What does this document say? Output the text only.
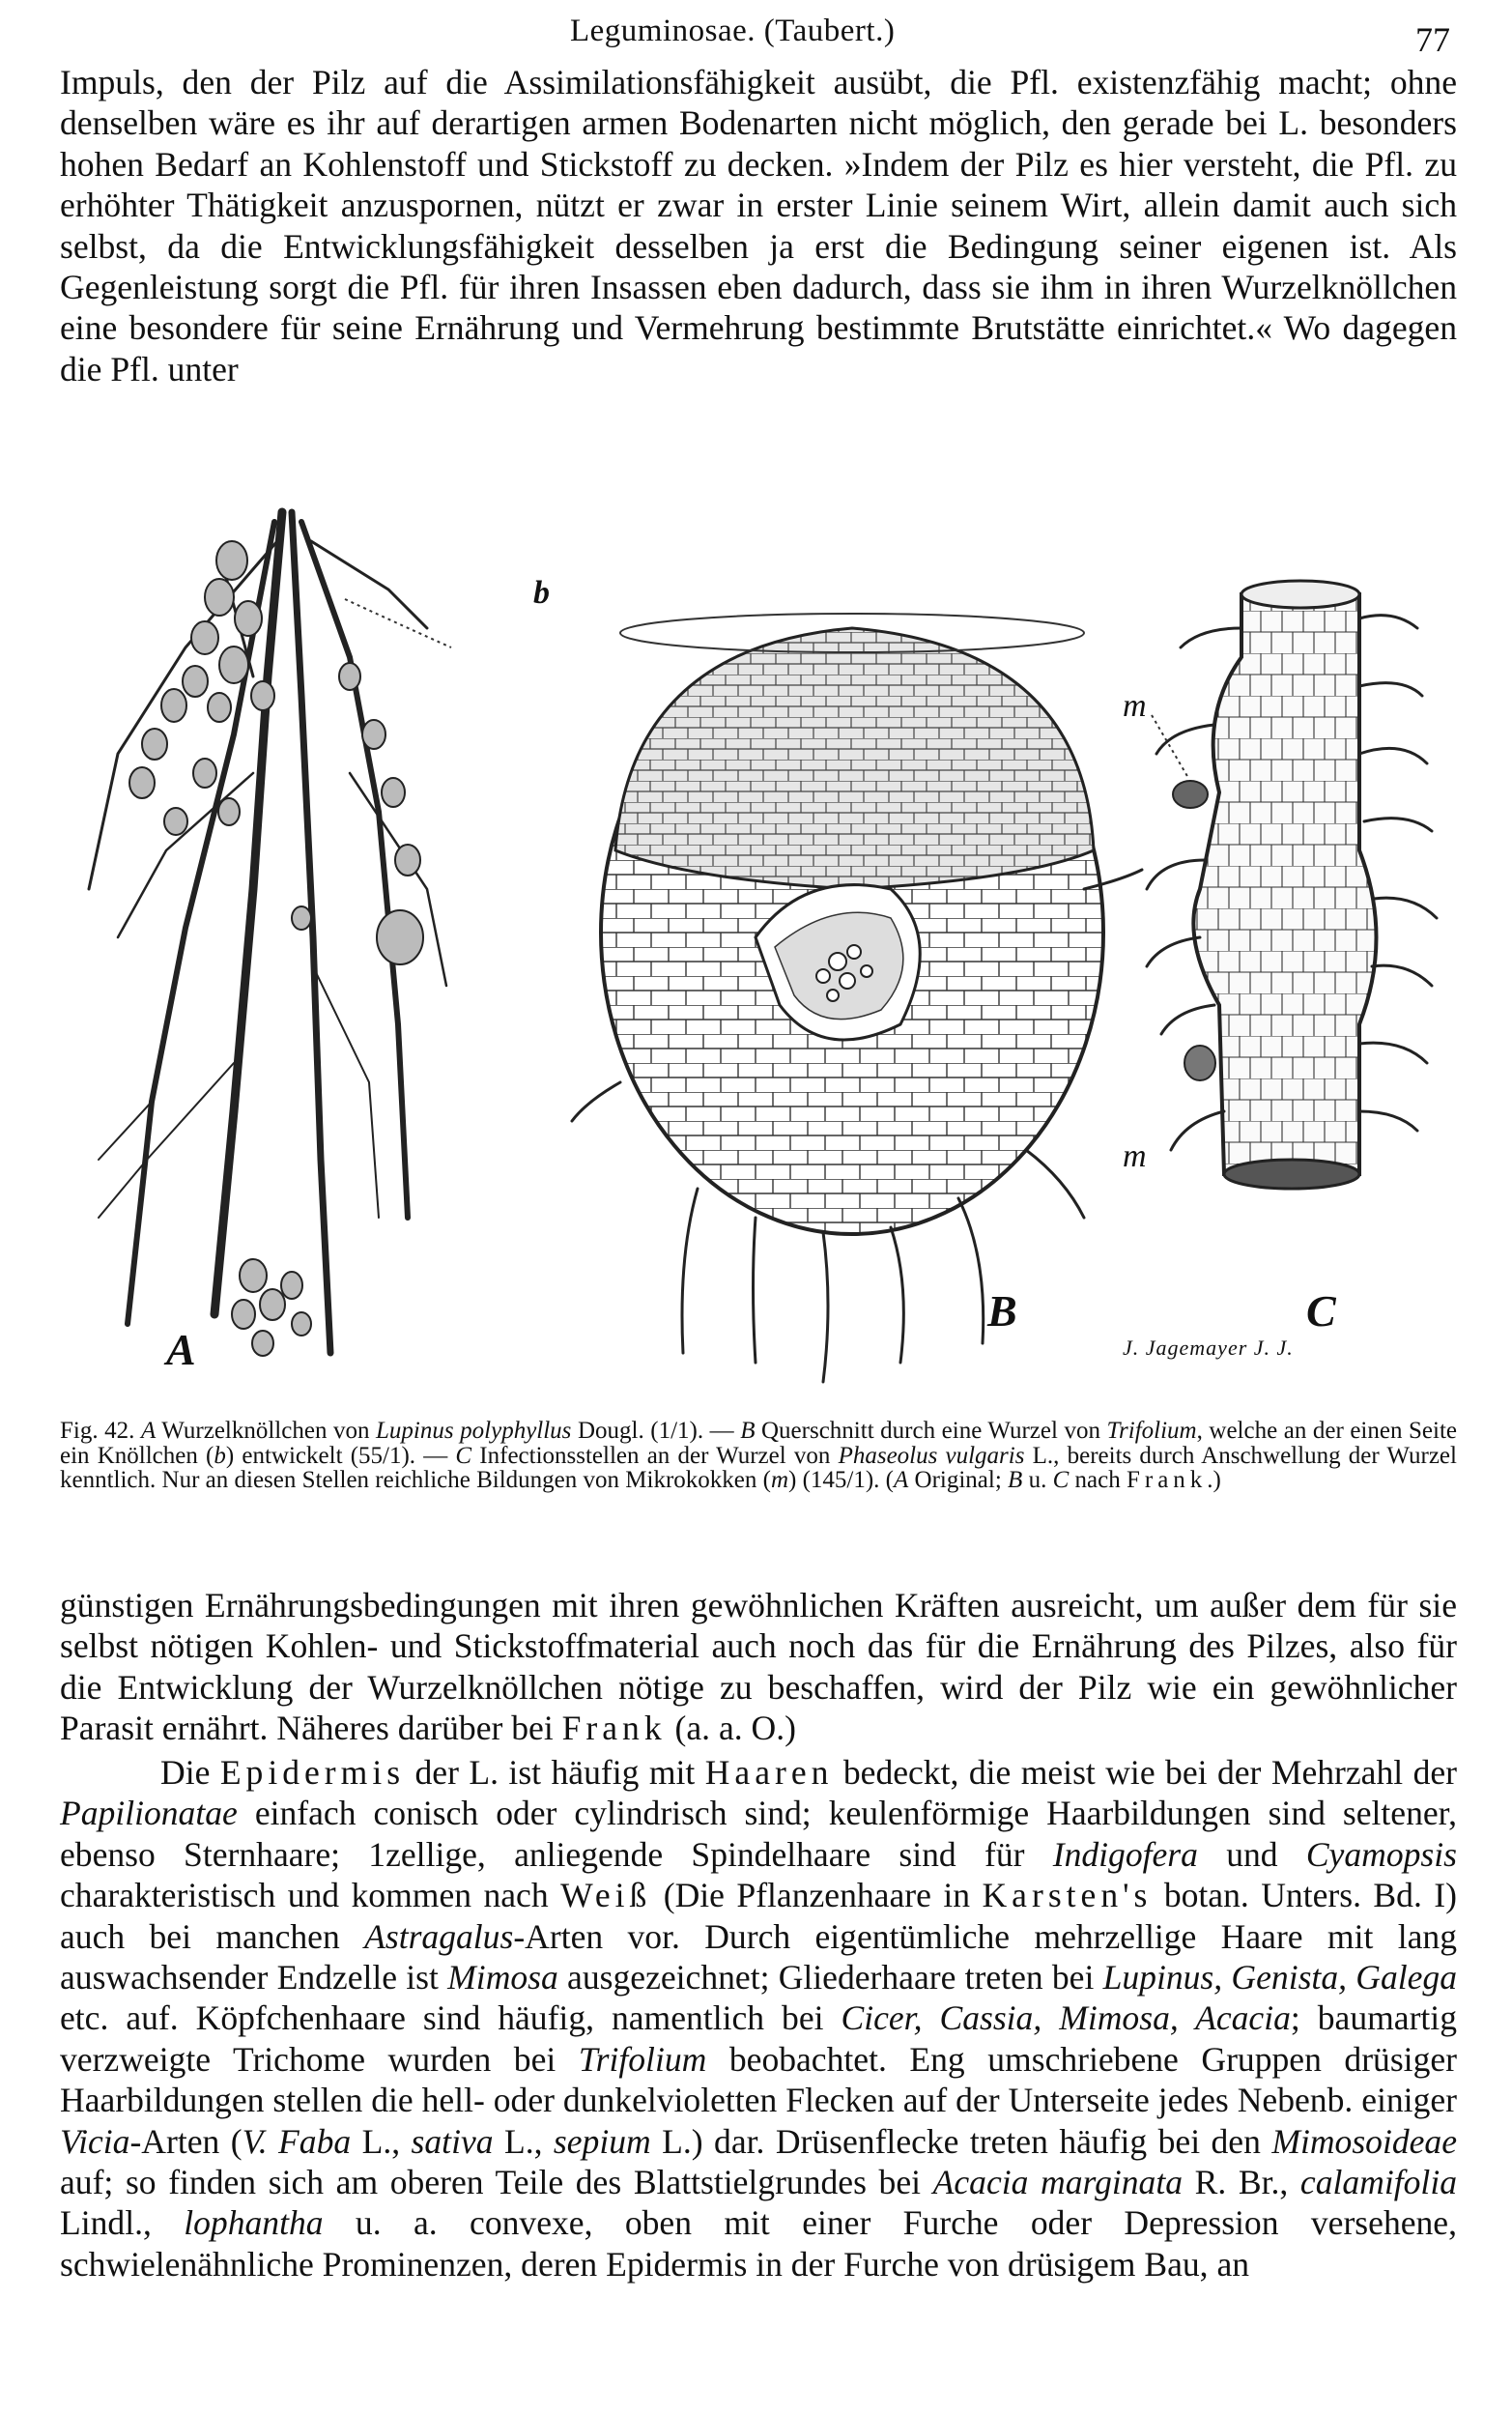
Leguminosae. (Taubert.)	77

Impuls, den der Pilz auf die Assimilationsfähigkeit ausübt, die Pfl. existenzfähig macht; ohne denselben wäre es ihr auf derartigen armen Bodenarten nicht möglich, den gerade bei L. besonders hohen Bedarf an Kohlenstoff und Stickstoff zu decken. »Indem der Pilz es hier versteht, die Pfl. zu erhöhter Thätigkeit anzuspornen, nützt er zwar in erster Linie seinem Wirt, allein damit auch sich selbst, da die Entwicklungsfähigkeit desselben ja erst die Bedingung seiner eigenen ist. Als Gegenleistung sorgt die Pfl. für ihren Insassen eben dadurch, dass sie ihm in ihren Wurzelknöllchen eine besondere für seine Ernährung und Vermehrung bestimmte Brutstätte einrichtet.« Wo dagegen die Pfl. unter

A
B	C
b
m
m
J. Jagemayer J. J.

Fig. 42. A Wurzelknöllchen von Lupinus polyphyllus Dougl. (1/1). — B Querschnitt durch eine Wurzel von Trifolium, welche an der einen Seite ein Knöllchen (b) entwickelt (55/1). — C Infectionsstellen an der Wurzel von Phaseolus vulgaris L., bereits durch Anschwellung der Wurzel kenntlich. Nur an diesen Stellen reichliche Bildungen von Mikrokokken (m) (145/1). (A Original; B u. C nach Frank.)

günstigen Ernährungsbedingungen mit ihren gewöhnlichen Kräften ausreicht, um außer dem für sie selbst nötigen Kohlen- und Stickstoffmaterial auch noch das für die Ernährung des Pilzes, also für die Entwicklung der Wurzelknöllchen nötige zu beschaffen, wird der Pilz wie ein gewöhnlicher Parasit ernährt. Näheres darüber bei Frank (a. a. O.)

Die Epidermis der L. ist häufig mit Haaren bedeckt, die meist wie bei der Mehrzahl der Papilionatae einfach conisch oder cylindrisch sind; keulenförmige Haarbildungen sind seltener, ebenso Sternhaare; 1zellige, anliegende Spindelhaare sind für Indigofera und Cyamopsis charakteristisch und kommen nach Weiß (Die Pflanzenhaare in Karsten's botan. Unters. Bd. I) auch bei manchen Astragalus-Arten vor. Durch eigentümliche mehrzellige Haare mit lang auswachsender Endzelle ist Mimosa ausgezeichnet; Gliederhaare treten bei Lupinus, Genista, Galega etc. auf. Köpfchenhaare sind häufig, namentlich bei Cicer, Cassia, Mimosa, Acacia; baumartig verzweigte Trichome wurden bei Trifolium beobachtet. Eng umschriebene Gruppen drüsiger Haarbildungen stellen die hell- oder dunkelvioletten Flecken auf der Unterseite jedes Nebenb. einiger Vicia-Arten (V. Faba L., sativa L., sepium L.) dar. Drüsenflecke treten häufig bei den Mimosoideae auf; so finden sich am oberen Teile des Blattstielgrundes bei Acacia marginata R. Br., calamifolia Lindl., lophantha u. a. convexe, oben mit einer Furche oder Depression versehene, schwielenähnliche Prominenzen, deren Epidermis in der Furche von drüsigem Bau, an
